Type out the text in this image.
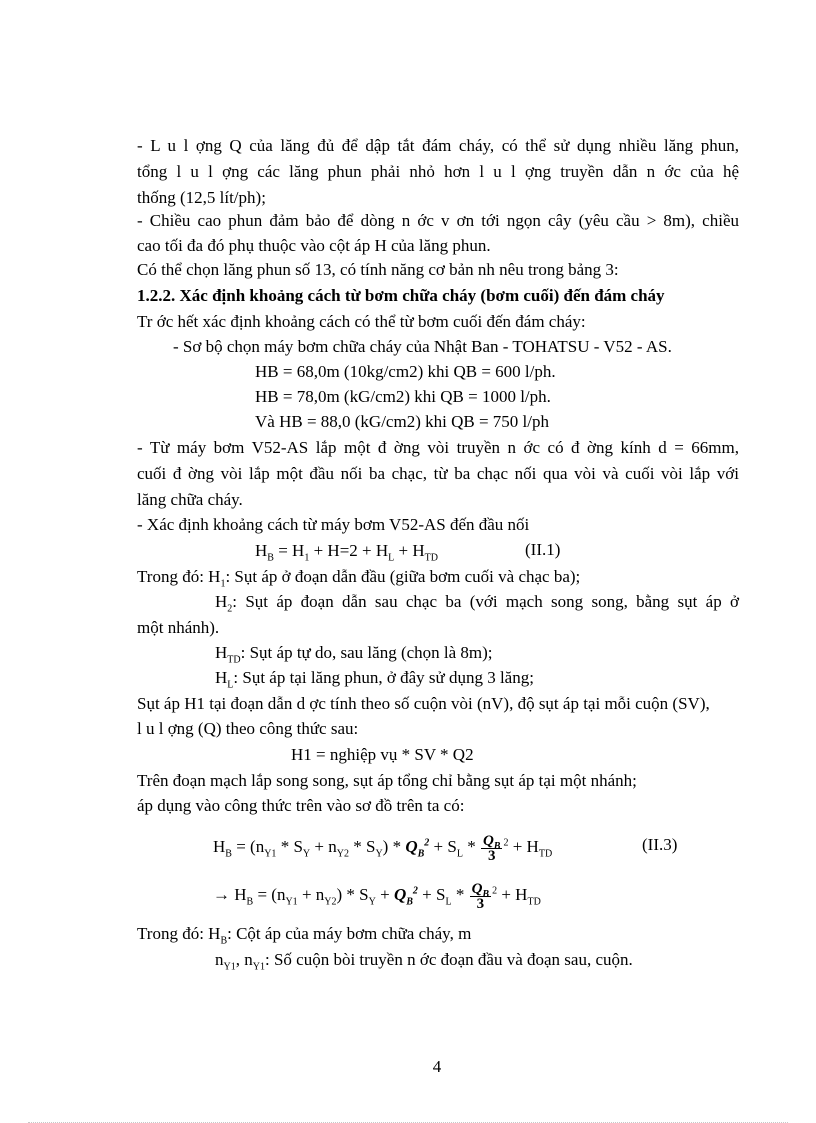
- L u l ợng Q của lăng đủ để dập tắt đám cháy, có thể sử dụng nhiều lăng phun,
tổng l u l ợng các lăng phun phải nhỏ hơn l u l ợng truyền dẫn n ớc của hệ
thống (12,5 lít/ph);
- Chiều cao phun đảm bảo để dòng n ớc v ơn tới ngọn cây (yêu cầu > 8m), chiều
cao tối đa đó phụ thuộc vào cột áp H của lăng phun.
Có thể chọn lăng phun số 13, có tính năng cơ bản nh nêu trong bảng 3:
1.2.2. Xác định khoảng cách từ bơm chữa cháy (bơm cuối) đến đám cháy
Tr ớc hết xác định khoảng cách có thể từ bơm cuối đến đám cháy:
- Sơ bộ chọn máy bơm chữa cháy của Nhật Ban - TOHATSU - V52 - AS.
HB = 68,0m (10kg/cm2) khi QB = 600 l/ph.
HB = 78,0m (kG/cm2) khi QB = 1000 l/ph.
Và HB = 88,0 (kG/cm2) khi QB = 750 l/ph
- Từ máy bơm V52-AS lắp một đ ờng vòi truyền n ớc có đ ờng kính d = 66mm,
cuối đ ờng vòi lắp một đầu nối ba chạc, từ ba chạc nối qua vòi và cuối vòi lắp với
lăng chữa cháy.
- Xác định khoảng cách từ máy bơm V52-AS đến đầu nối
$H_B = H_1 + H=2 + H_L + H_{TD}$	(II.1)
Trong đó: $H_1$: Sụt áp ở đoạn dẫn đầu (giữa bơm cuối và chạc ba);
$H_2$: Sụt áp đoạn dẫn sau chạc ba (với mạch song song, bằng sụt áp ở
một nhánh).
$H_{TD}$: Sụt áp tự do, sau lăng (chọn là 8m);
$H_L$: Sụt áp tại lăng phun, ở đây sử dụng 3 lăng;
Sụt áp H1 tại đoạn dẫn d ợc tính theo số cuộn vòi (nV), độ sụt áp tại mỗi cuộn (SV),
l u l ợng (Q) theo công thức sau:
H1 = nghiệp vụ * SV * Q2
Trên đoạn mạch lắp song song, sụt áp tổng chỉ bằng sụt áp tại một nhánh;
áp dụng vào công thức trên vào sơ đồ trên ta có:
$H_B = (n_{Y1} * S_Y + n_{Y2} * S_Y) * Q_B^2 + S_L * \frac{Q_B}{3} ^2 + H_{TD}$	(II.3)
→ $H_B = (n_{Y1} + n_{Y2}) * S_Y + Q_B^2 + S_L * \frac{Q_B}{3} ^2 + H_{TD}$
Trong đó: $H_B$: Cột áp của máy bơm chữa cháy, m
$n_{Y1}$, $n_{Y1}$: Số cuộn bòi truyền n ớc đoạn đầu và đoạn sau, cuộn.
4
